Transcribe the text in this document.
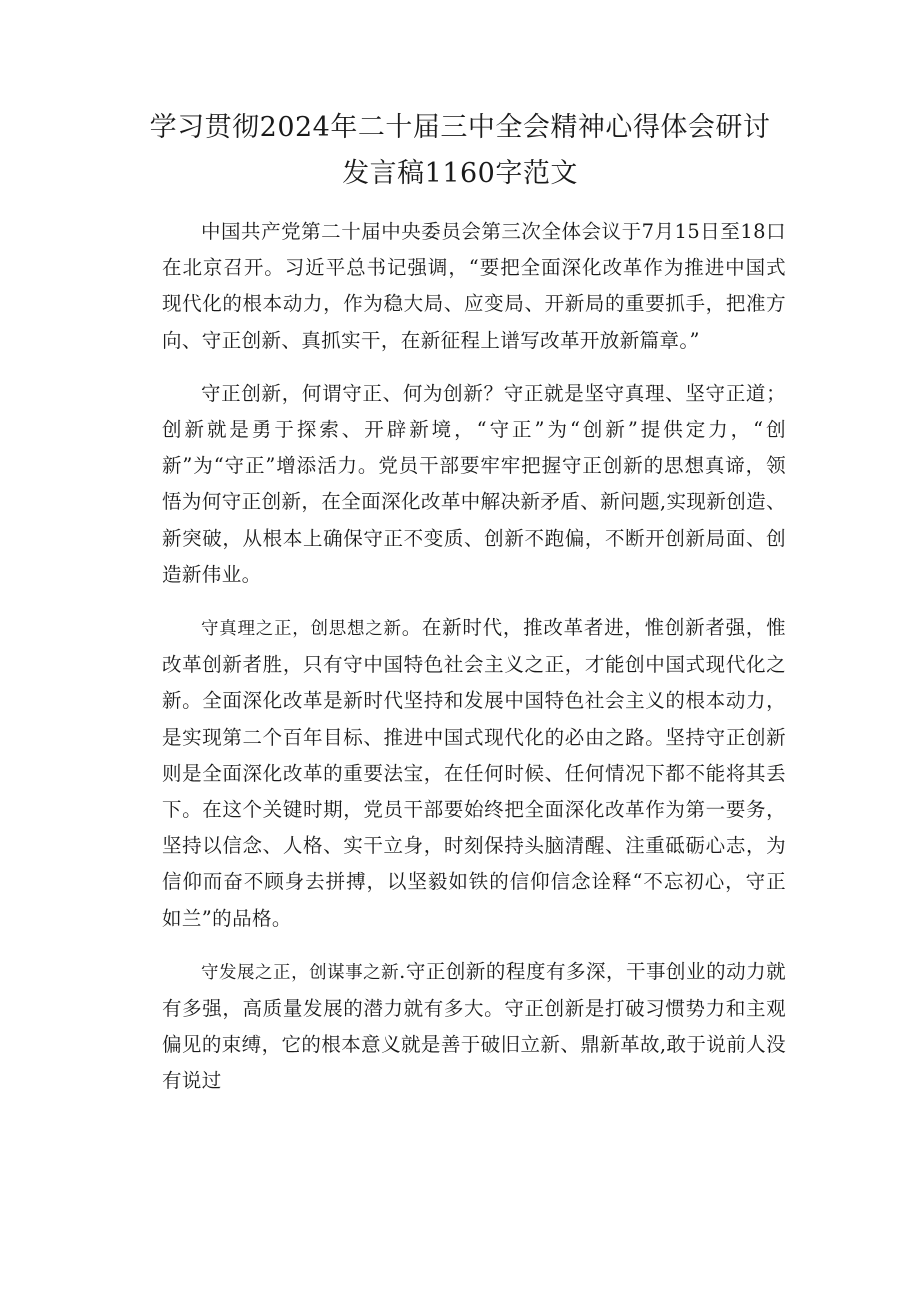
学习贯彻2024年二十届三中全会精神心得体会研讨
发言稿1160字范文

中国共产党第二十届中央委员会第三次全体会议于7月15日至18口在北京召开。习近平总书记强调，“要把全面深化改革作为推进中国式现代化的根本动力，作为稳大局、应变局、开新局的重要抓手，把准方向、守正创新、真抓实干，在新征程上谱写改革开放新篇章。”

守正创新，何谓守正、何为创新？守正就是坚守真理、坚守正道；创新就是勇于探索、开辟新境，“守正”为“创新”提供定力，“创新”为“守正”增添活力。党员干部要牢牢把握守正创新的思想真谛，领悟为何守正创新，在全面深化改革中解决新矛盾、新问题,实现新创造、新突破，从根本上确保守正不变质、创新不跑偏，不断开创新局面、创造新伟业。

守真理之正，创思想之新。在新时代，推改革者进，惟创新者强，惟改革创新者胜，只有守中国特色社会主义之正，才能创中国式现代化之新。全面深化改革是新时代坚持和发展中国特色社会主义的根本动力，是实现第二个百年目标、推进中国式现代化的必由之路。坚持守正创新则是全面深化改革的重要法宝，在任何时候、任何情况下都不能将其丢下。在这个关键时期，党员干部要始终把全面深化改革作为第一要务，坚持以信念、人格、实干立身，时刻保持头脑清醒、注重砥砺心志，为信仰而奋不顾身去拼搏，以坚毅如铁的信仰信念诠释“不忘初心，守正如兰”的品格。

守发展之正，创谋事之新.守正创新的程度有多深，干事创业的动力就有多强，高质量发展的潜力就有多大。守正创新是打破习惯势力和主观偏见的束缚，它的根本意义就是善于破旧立新、鼎新革故,敢于说前人没有说过
